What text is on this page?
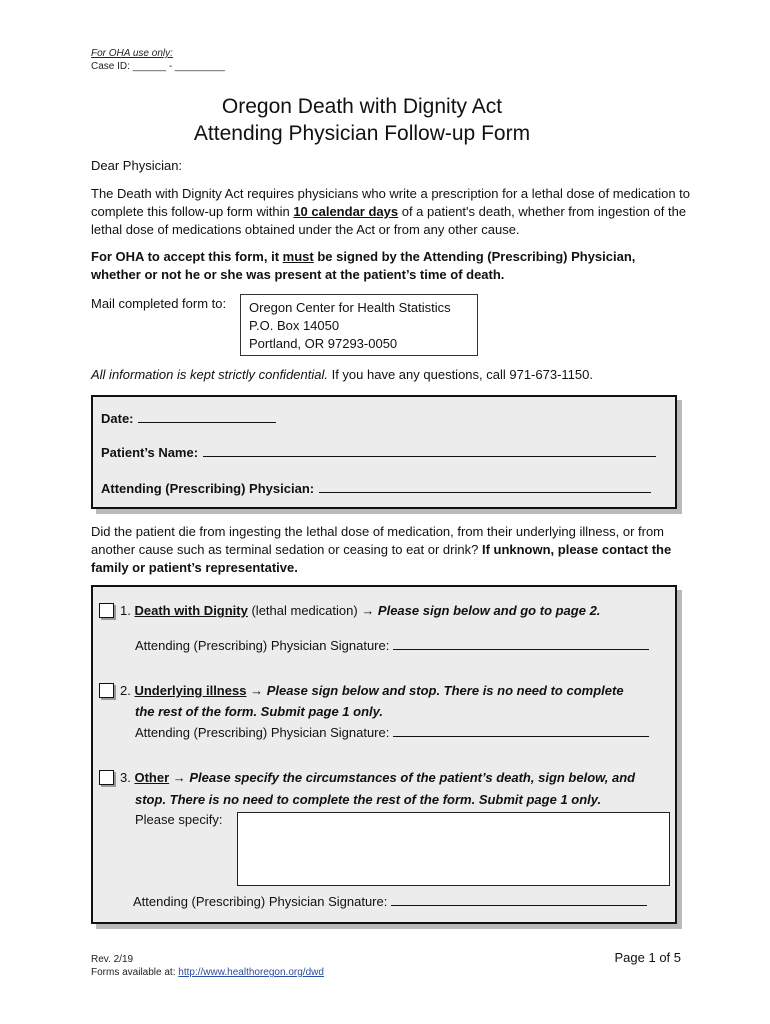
For OHA use only:
Case ID: ______ - _________
Oregon Death with Dignity Act
Attending Physician Follow-up Form
Dear Physician:
The Death with Dignity Act requires physicians who write a prescription for a lethal dose of medication to complete this follow-up form within 10 calendar days of a patient's death, whether from ingestion of the lethal dose of medications obtained under the Act or from any other cause.
For OHA to accept this form, it must be signed by the Attending (Prescribing) Physician, whether or not he or she was present at the patient’s time of death.
Mail completed form to:	Oregon Center for Health Statistics
P.O. Box 14050
Portland, OR 97293-0050
All information is kept strictly confidential. If you have any questions, call 971-673-1150.
Date:
Patient’s Name:
Attending (Prescribing) Physician:
Did the patient die from ingesting the lethal dose of medication, from their underlying illness, or from another cause such as terminal sedation or ceasing to eat or drink? If unknown, please contact the family or patient’s representative.
1. Death with Dignity (lethal medication) → Please sign below and go to page 2.
Attending (Prescribing) Physician Signature:
2. Underlying illness → Please sign below and stop. There is no need to complete
the rest of the form. Submit page 1 only.
Attending (Prescribing) Physician Signature:
3. Other → Please specify the circumstances of the patient’s death, sign below, and
stop. There is no need to complete the rest of the form. Submit page 1 only.
Please specify:
Attending (Prescribing) Physician Signature:
Rev. 2/19
Forms available at: http://www.healthoregon.org/dwd
Page 1 of 5
